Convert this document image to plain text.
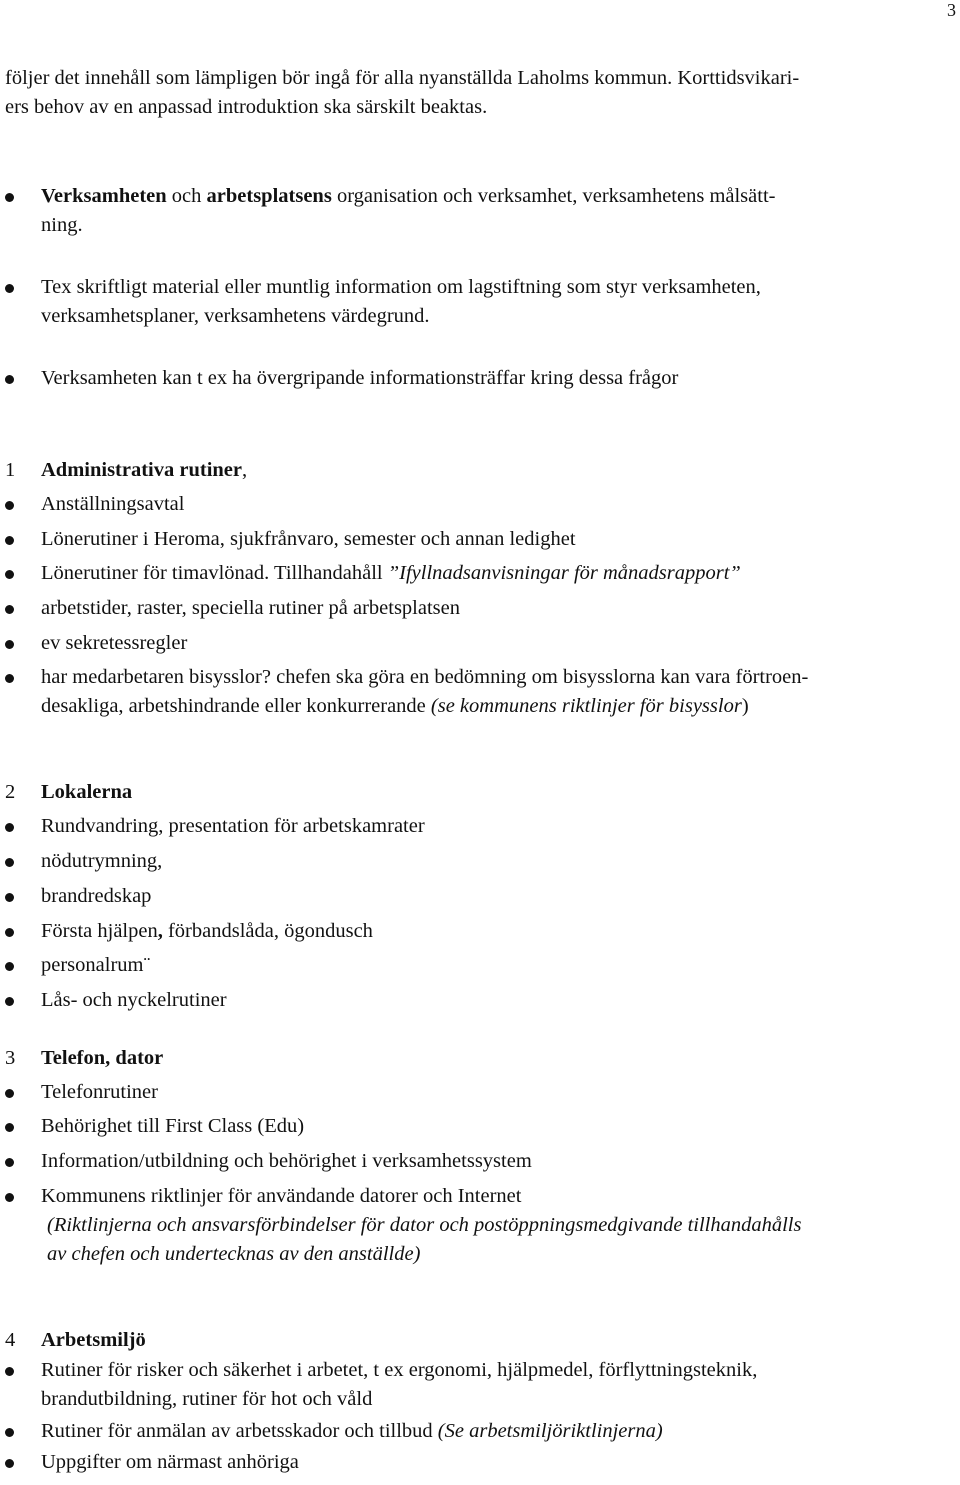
3

följer det innehåll som lämpligen bör ingå för alla nyanställda Laholms kommun. Korttidsvikari-
ers behov av en anpassad introduktion ska särskilt beaktas.

Verksamheten och arbetsplatsens organisation och verksamhet, verksamhetens målsätt-
ning.
Tex skriftligt material eller muntlig information om lagstiftning som styr verksamheten,
verksamhetsplaner, verksamhetens värdegrund.
Verksamheten kan t ex ha övergripande informationsträffar kring dessa frågor
1 Administrativa rutiner,
Anställningsavtal
Lönerutiner i Heroma, sjukfrånvaro, semester och annan ledighet
Lönerutiner för timavlönad. Tillhandahåll ”Ifyllnadsanvisningar för månadsrapport”
arbetstider, raster, speciella rutiner på arbetsplatsen
ev sekretessregler
har medarbetaren bisysslor? chefen ska göra en bedömning om bisysslorna kan vara förtroen-
desakliga, arbetshindrande eller konkurrerande (se kommunens riktlinjer för bisysslor)
2 Lokalerna
Rundvandring, presentation för arbetskamrater
nödutrymning,
brandredskap
Första hjälpen, förbandslåda, ögondusch
personalrum¨
Lås- och nyckelrutiner
3 Telefon, dator
Telefonrutiner
Behörighet till First Class (Edu)
Information/utbildning och behörighet i verksamhetssystem
Kommunens riktlinjer för användande datorer och Internet
(Riktlinjerna och ansvarsförbindelser för dator och postöppningsmedgivande tillhandahålls
av chefen och undertecknas av den anställde)
4 Arbetsmiljö
Rutiner för risker och säkerhet i arbetet, t ex ergonomi, hjälpmedel, förflyttningsteknik,
brandutbildning, rutiner för hot och våld
Rutiner för anmälan av arbetsskador och tillbud (Se arbetsmiljöriktlinjerna)
Uppgifter om närmast anhöriga
